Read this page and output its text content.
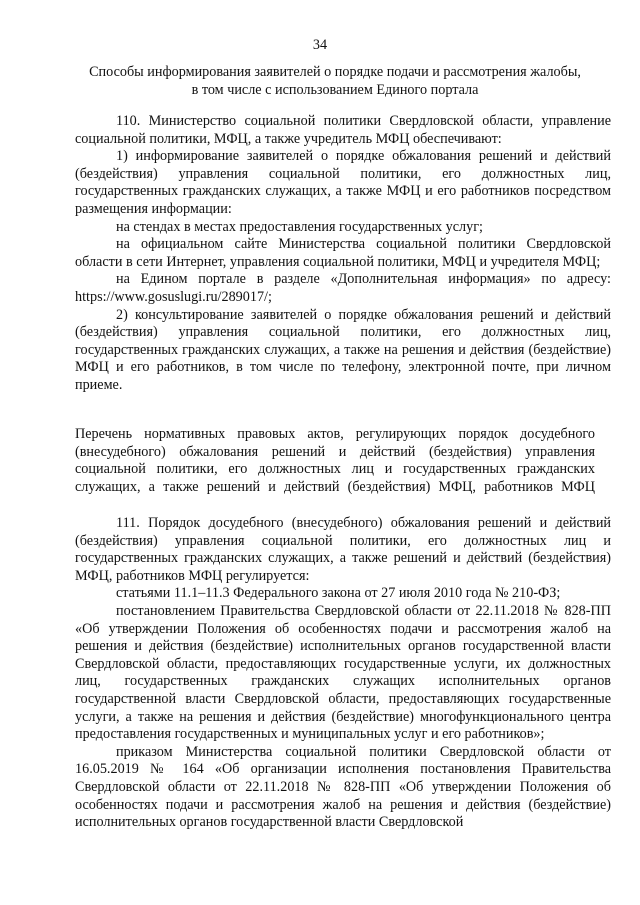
34
Способы информирования заявителей о порядке подачи и рассмотрения жалобы,
в том числе с использованием Единого портала

110. Министерство социальной политики Свердловской области, управление социальной политики, МФЦ, а также учредитель МФЦ обеспечивают:

1) информирование заявителей о порядке обжалования решений и действий (бездействия) управления социальной политики, его должностных лиц, государственных гражданских служащих, а также МФЦ и его работников посредством размещения информации:

на стендах в местах предоставления государственных услуг;

на официальном сайте Министерства социальной политики Свердловской области в сети Интернет, управления социальной политики, МФЦ и учредителя МФЦ;

на Едином портале в разделе «Дополнительная информация» по адресу: https://www.gosuslugi.ru/289017/;

2) консультирование заявителей о порядке обжалования решений и действий (бездействия) управления социальной политики, его должностных лиц, государственных гражданских служащих, а также на решения и действия (бездействие) МФЦ и его работников, в том числе по телефону, электронной почте, при личном приеме.

Перечень нормативных правовых актов, регулирующих порядок досудебного
(внесудебного) обжалования решений и действий (бездействия) управления
социальной политики, его должностных лиц и государственных гражданских
служащих, а также решений и действий (бездействия) МФЦ, работников МФЦ

111. Порядок досудебного (внесудебного) обжалования решений и действий (бездействия) управления социальной политики, его должностных лиц и государственных гражданских служащих, а также решений и действий (бездействия) МФЦ, работников МФЦ регулируется:

статьями 11.1–11.3 Федерального закона от 27 июля 2010 года № 210-ФЗ;

постановлением Правительства Свердловской области от 22.11.2018 № 828-ПП «Об утверждении Положения об особенностях подачи и рассмотрения жалоб на решения и действия (бездействие) исполнительных органов государственной власти Свердловской области, предоставляющих государственные услуги, их должностных лиц, государственных гражданских служащих исполнительных органов государственной власти Свердловской области, предоставляющих государственные услуги, а также на решения и действия (бездействие) многофункционального центра предоставления государственных и муниципальных услуг и его работников»;

приказом Министерства социальной политики Свердловской области от 16.05.2019 № 164 «Об организации исполнения постановления Правительства Свердловской области от 22.11.2018 № 828-ПП «Об утверждении Положения об особенностях подачи и рассмотрения жалоб на решения и действия (бездействие) исполнительных органов государственной власти Свердловской
